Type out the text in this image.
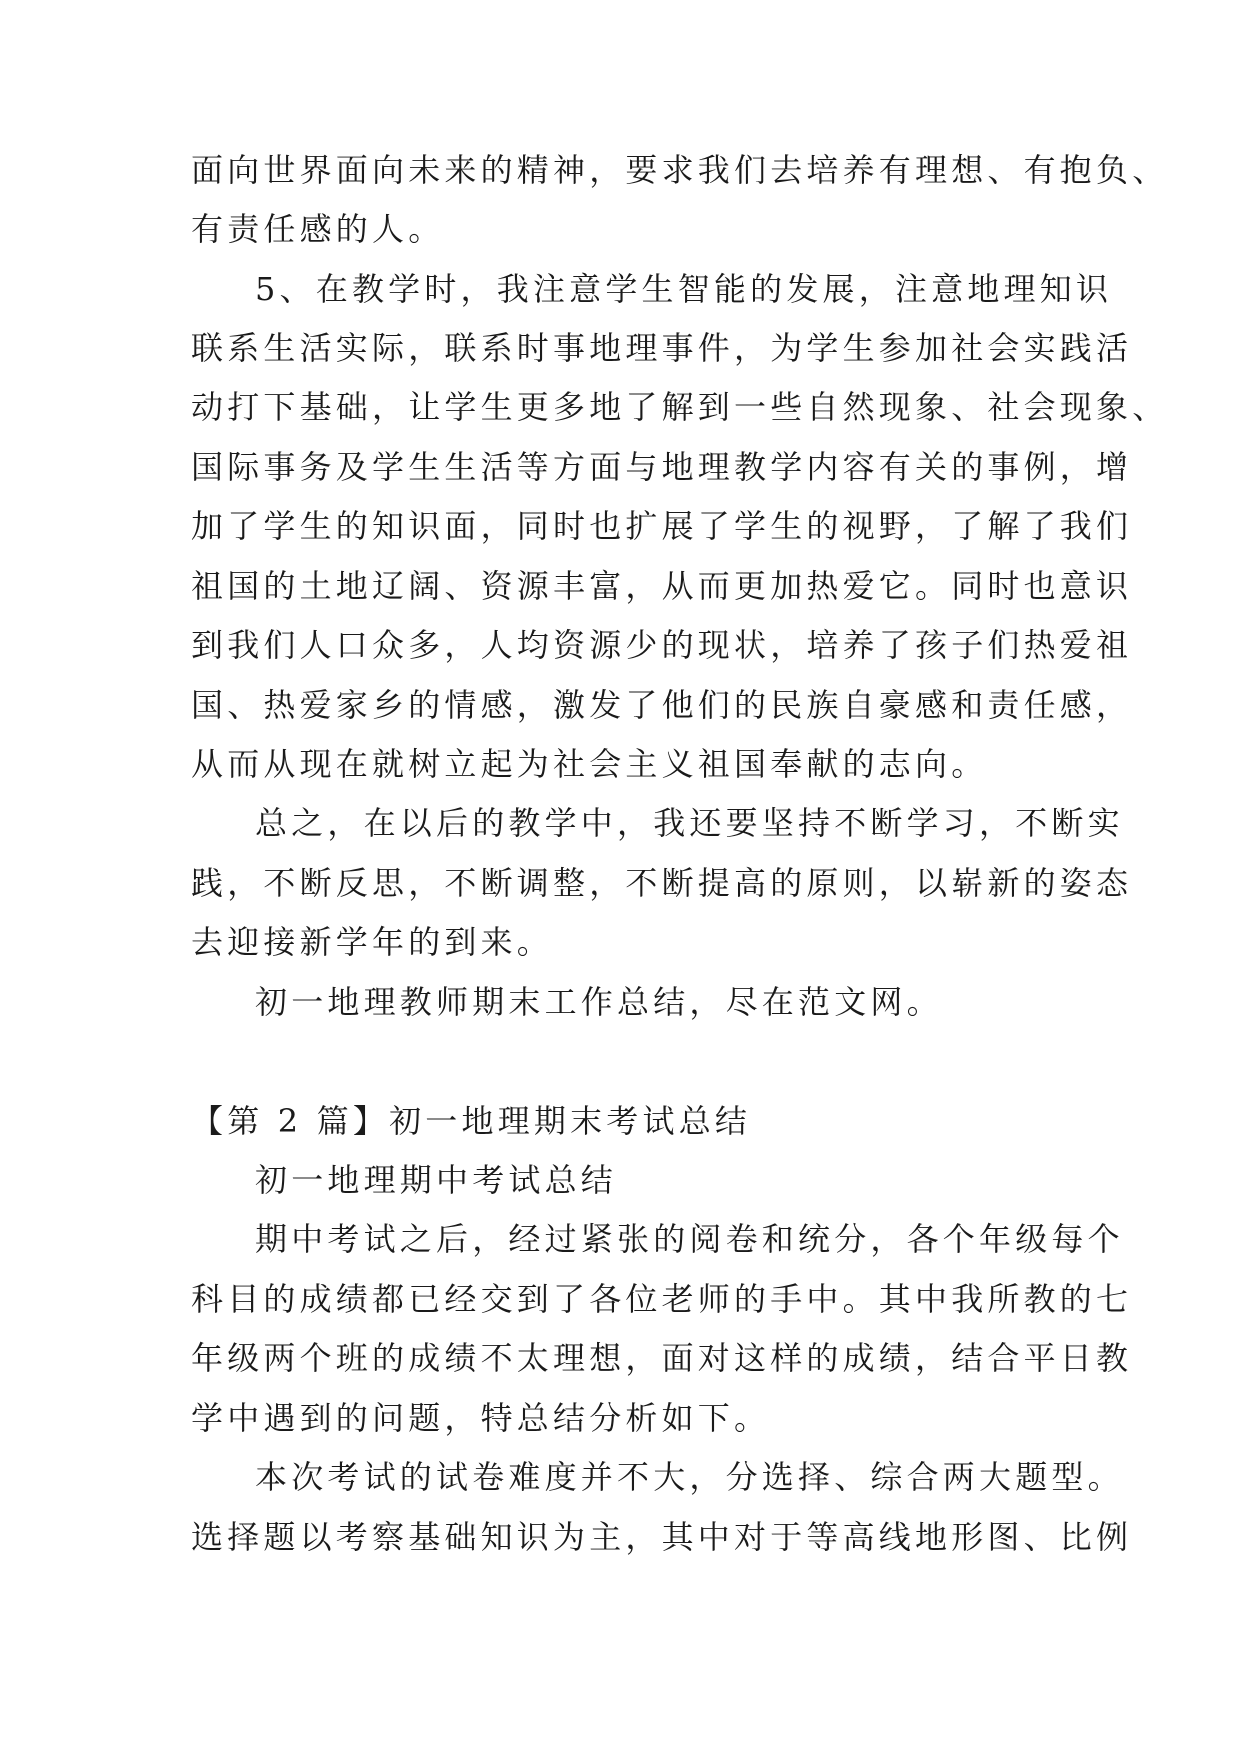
面向世界面向未来的精神，要求我们去培养有理想、有抱负、

有责任感的人。

5、在教学时，我注意学生智能的发展，注意地理知识

联系生活实际，联系时事地理事件，为学生参加社会实践活

动打下基础，让学生更多地了解到一些自然现象、社会现象、

国际事务及学生生活等方面与地理教学内容有关的事例，增

加了学生的知识面，同时也扩展了学生的视野，了解了我们

祖国的土地辽阔、资源丰富，从而更加热爱它。同时也意识

到我们人口众多，人均资源少的现状，培养了孩子们热爱祖

国、热爱家乡的情感，激发了他们的民族自豪感和责任感，

从而从现在就树立起为社会主义祖国奉献的志向。

总之，在以后的教学中，我还要坚持不断学习，不断实

践，不断反思，不断调整，不断提高的原则，以崭新的姿态

去迎接新学年的到来。

初一地理教师期末工作总结，尽在范文网。

【第 2 篇】初一地理期末考试总结

初一地理期中考试总结

期中考试之后，经过紧张的阅卷和统分，各个年级每个

科目的成绩都已经交到了各位老师的手中。其中我所教的七

年级两个班的成绩不太理想，面对这样的成绩，结合平日教

学中遇到的问题，特总结分析如下。

本次考试的试卷难度并不大，分选择、综合两大题型。

选择题以考察基础知识为主，其中对于等高线地形图、比例
